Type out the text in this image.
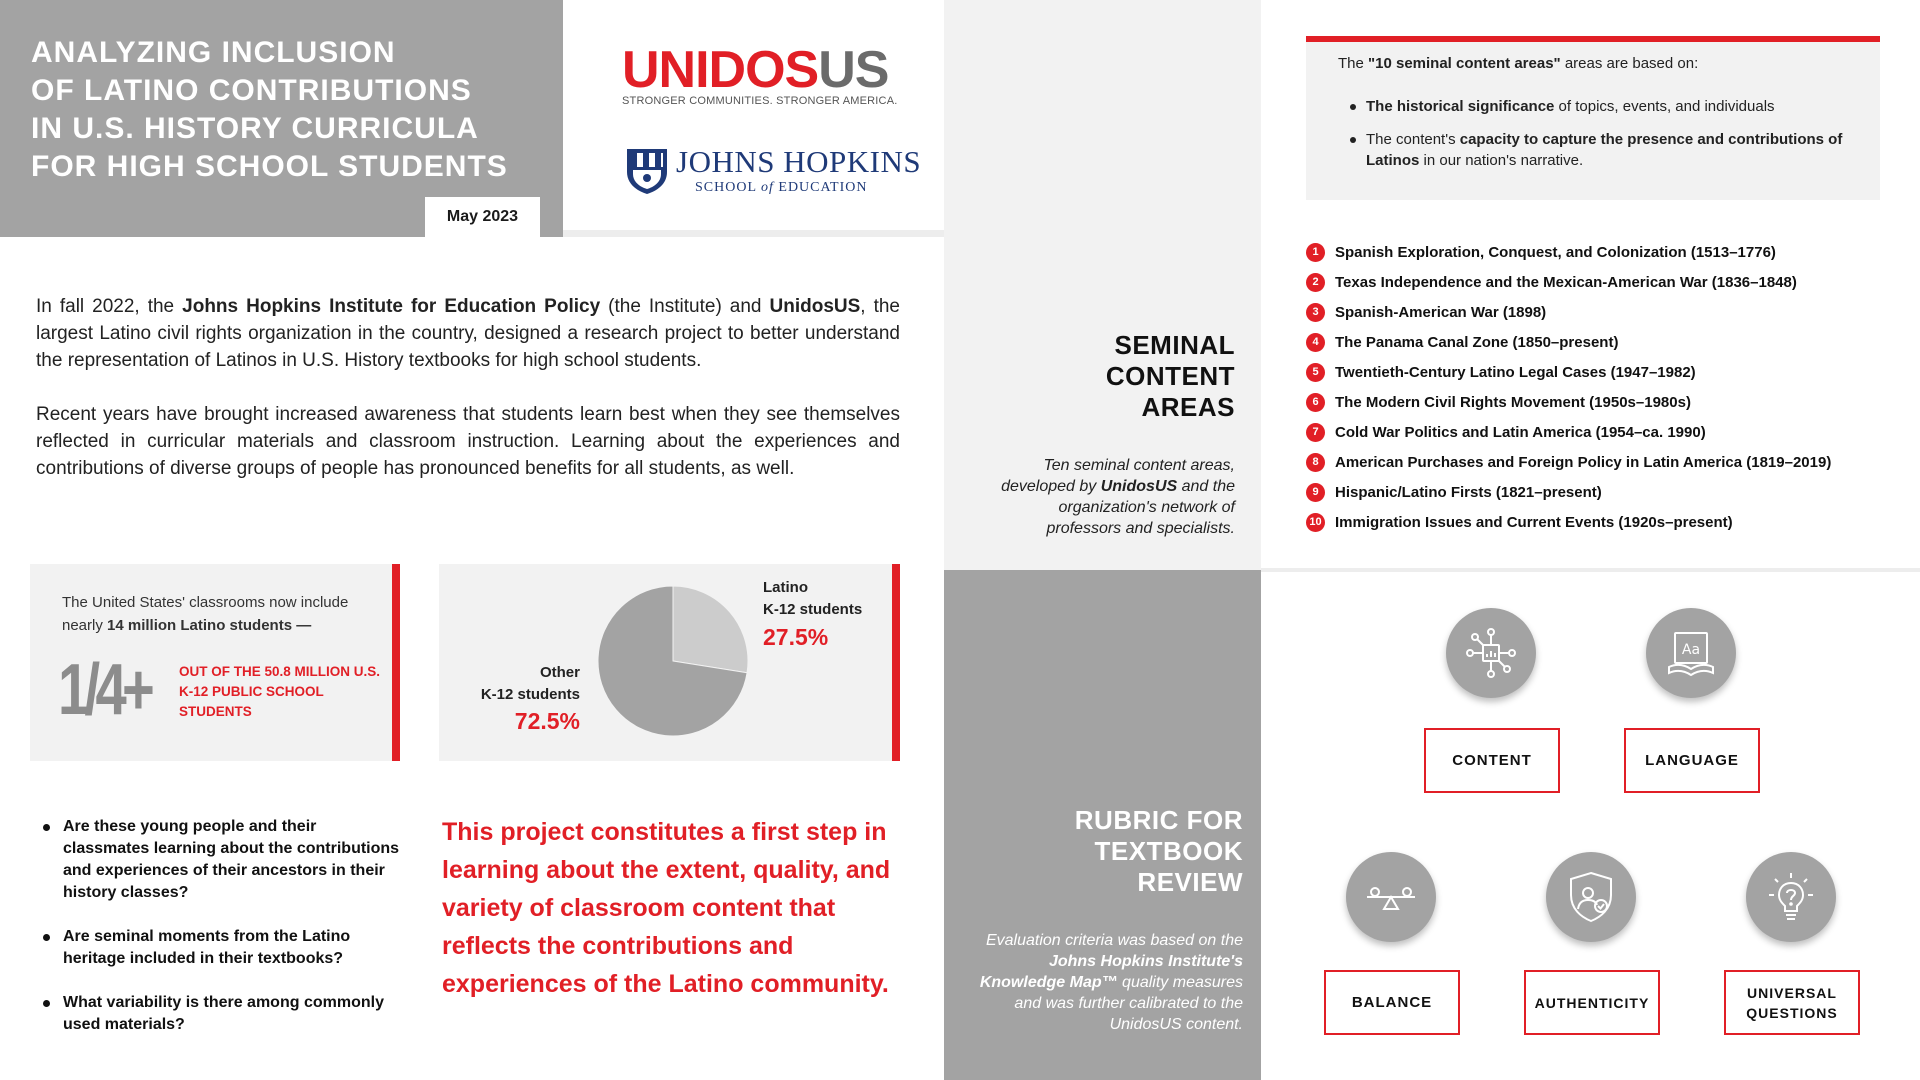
ANALYZING INCLUSION
OF LATINO CONTRIBUTIONS
IN U.S. HISTORY CURRICULA
FOR HIGH SCHOOL STUDENTS
May 2023
UNIDOSUS
STRONGER COMMUNITIES. STRONGER AMERICA.
JOHNS HOPKINS
SCHOOL of EDUCATION

In fall 2022, the Johns Hopkins Institute for Education Policy (the Institute) and UnidosUS, the largest Latino civil rights organization in the country, designed a research project to better understand the representation of Latinos in U.S. History textbooks for high school students.

Recent years have brought increased awareness that students learn best when they see themselves reflected in curricular materials and classroom instruction. Learning about the experiences and contributions of diverse groups of people has pronounced benefits for all students, as well.

The United States' classrooms now include nearly 14 million Latino students —
1/4+ OUT OF THE 50.8 MILLION U.S. K-12 PUBLIC SCHOOL STUDENTS
Latino
K-12 students
27.5%
Other
K-12 students
72.5%
Are these young people and their classmates learning about the contributions and experiences of their ancestors in their history classes?
Are seminal moments from the Latino heritage included in their textbooks?
What variability is there among commonly used materials?
This project constitutes a first step in learning about the extent, quality, and variety of classroom content that reflects the contributions and experiences of the Latino community.
SEMINAL
CONTENT
AREAS
Ten seminal content areas, developed by UnidosUS and the organization's network of professors and specialists.
RUBRIC FOR
TEXTBOOK
REVIEW
Evaluation criteria was based on the Johns Hopkins Institute's Knowledge Map™ quality measures and was further calibrated to the UnidosUS content.
The "10 seminal content areas" areas are based on:
The historical significance of topics, events, and individuals
The content's capacity to capture the presence and contributions of Latinos in our nation's narrative.
1	Spanish Exploration, Conquest, and Colonization (1513–1776)
2	Texas Independence and the Mexican-American War (1836–1848)
3	Spanish-American War (1898)
4	The Panama Canal Zone (1850–present)
5	Twentieth-Century Latino Legal Cases (1947–1982)
6	The Modern Civil Rights Movement (1950s–1980s)
7	Cold War Politics and Latin America (1954–ca. 1990)
8	American Purchases and Foreign Policy in Latin America (1819–2019)
9	Hispanic/Latino Firsts (1821–present)
10 Immigration Issues and Current Events (1920s–present)
Aa
CONTENT	LANGUAGE
BALANCE	AUTHENTICITY
UNIVERSAL QUESTIONS
